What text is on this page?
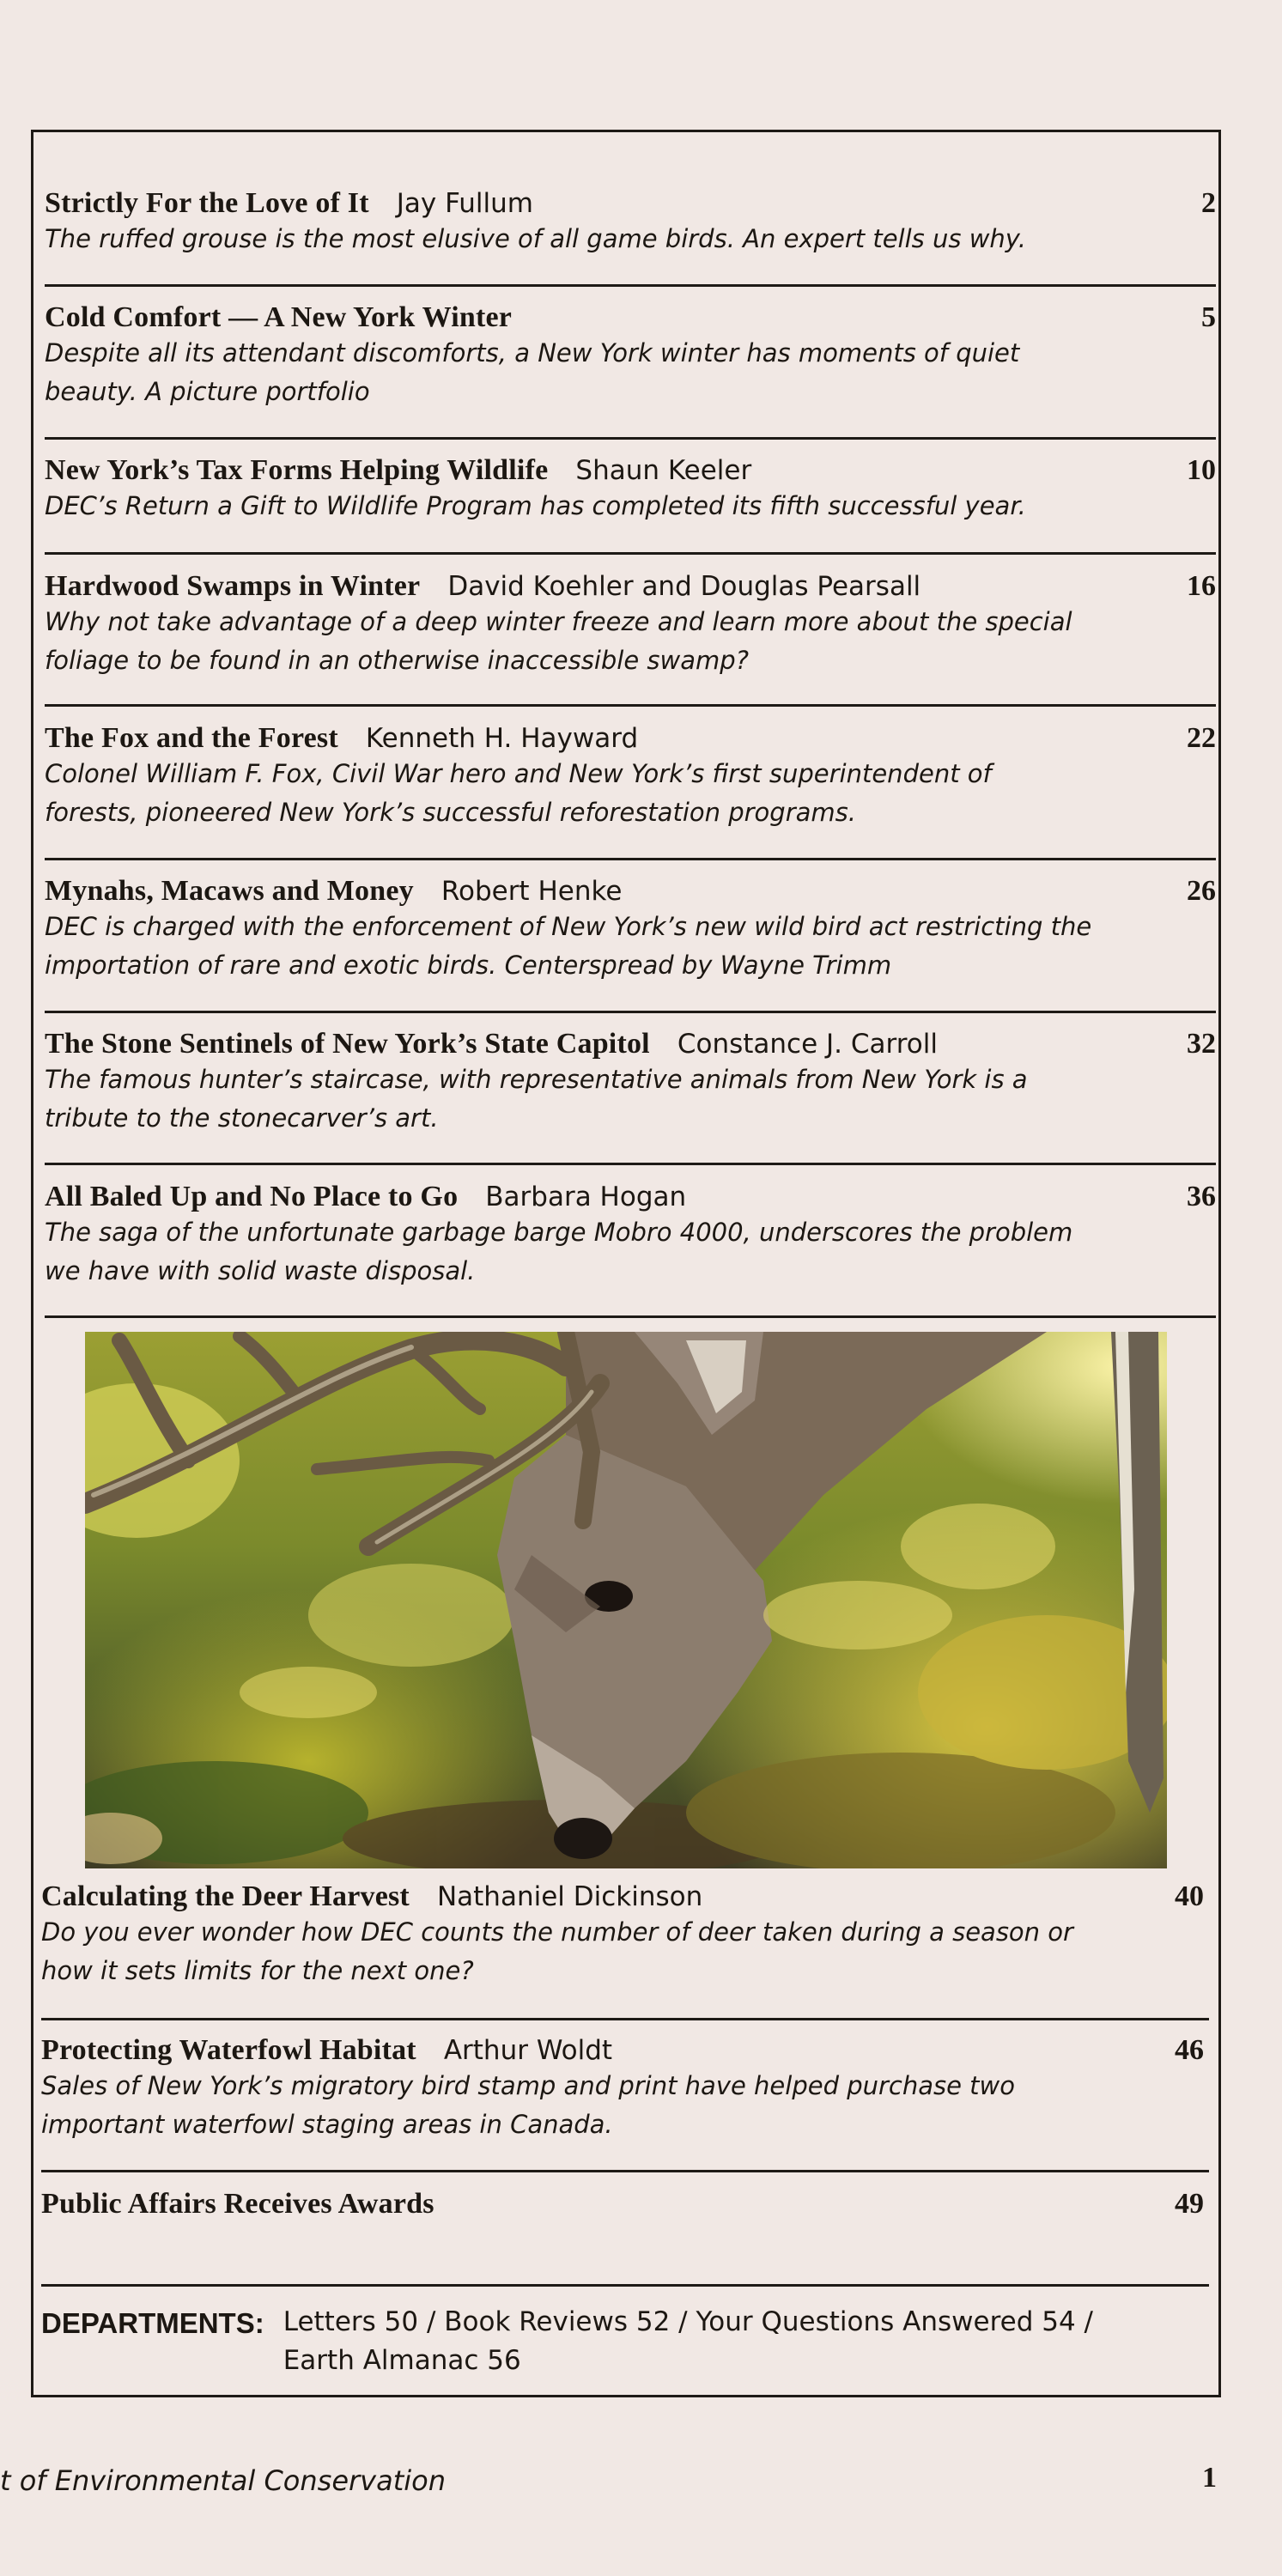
Strictly For the Love of It Jay Fullum	2
The ruffed grouse is the most elusive of all game birds. An expert tells us why.
Cold Comfort — A New York Winter	5
Despite all its attendant discomforts, a New York winter has moments of quiet
beauty. A picture portfolio
New York’s Tax Forms Helping Wildlife Shaun Keeler	10
DEC’s Return a Gift to Wildlife Program has completed its fifth successful year.
Hardwood Swamps in Winter David Koehler and Douglas Pearsall	16
Why not take advantage of a deep winter freeze and learn more about the special
foliage to be found in an otherwise inaccessible swamp?
The Fox and the Forest Kenneth H. Hayward	22
Colonel William F. Fox, Civil War hero and New York’s first superintendent of
forests, pioneered New York’s successful reforestation programs.
Mynahs, Macaws and Money Robert Henke	26
DEC is charged with the enforcement of New York’s new wild bird act restricting the
importation of rare and exotic birds. Centerspread by Wayne Trimm
The Stone Sentinels of New York’s State Capitol Constance J. Carroll	32
The famous hunter’s staircase, with representative animals from New York is a
tribute to the stonecarver’s art.
All Baled Up and No Place to Go Barbara Hogan	36
The saga of the unfortunate garbage barge Mobro 4000, underscores the problem
we have with solid waste disposal.
Calculating the Deer Harvest Nathaniel Dickinson	40
Do you ever wonder how DEC counts the number of deer taken during a season or
how it sets limits for the next one?
Protecting Waterfowl Habitat Arthur Woldt	46
Sales of New York’s migratory bird stamp and print have helped purchase two
important waterfowl staging areas in Canada.
Public Affairs Receives Awards	49
DEPARTMENTS: Letters 50 / Book Reviews 52 / Your Questions Answered 54 /
Earth Almanac 56
t of Environmental Conservation	1
